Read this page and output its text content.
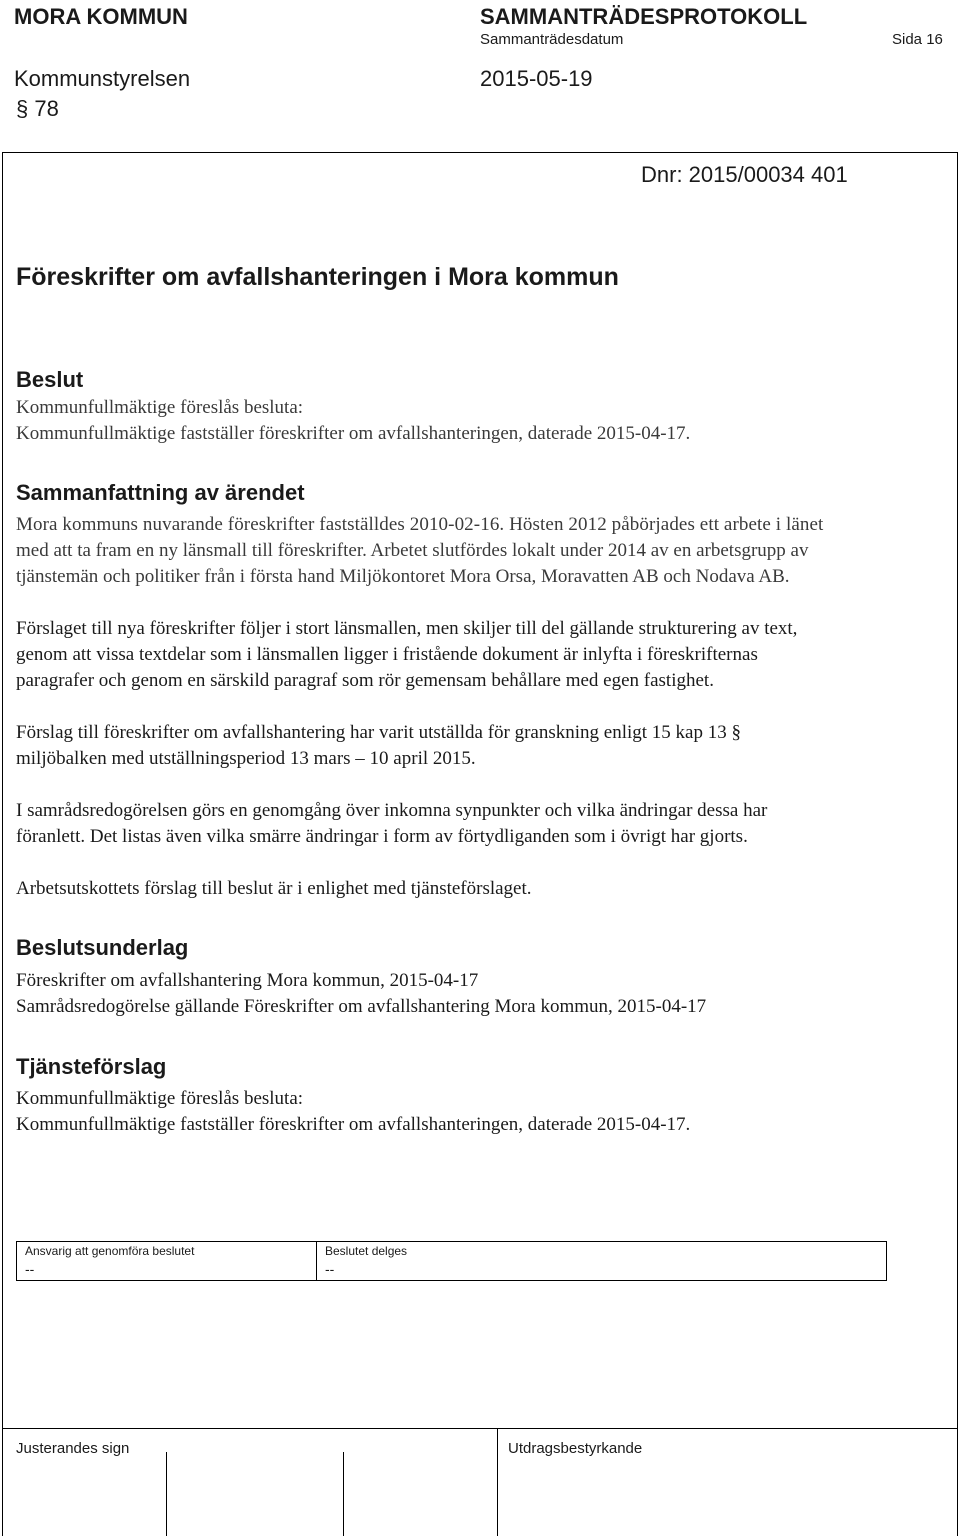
MORA KOMMUN	SAMMANTRÄDESPROTOKOLL
Sammanträdesdatum	Sida 16
Kommunstyrelsen	2015-05-19
§ 78
Dnr: 2015/00034 401
Föreskrifter om avfallshanteringen i Mora kommun
Beslut
Kommunfullmäktige föreslås besluta:
Kommunfullmäktige fastställer föreskrifter om avfallshanteringen, daterade 2015-04-17.
Sammanfattning av ärendet
Mora kommuns nuvarande föreskrifter fastställdes 2010-02-16. Hösten 2012 påbörjades ett arbete i länet
med att ta fram en ny länsmall till föreskrifter. Arbetet slutfördes lokalt under 2014 av en arbetsgrupp av
tjänstemän och politiker från i första hand Miljökontoret Mora Orsa, Moravatten AB och Nodava AB.
Förslaget till nya föreskrifter följer i stort länsmallen, men skiljer till del gällande strukturering av text,
genom att vissa textdelar som i länsmallen ligger i fristående dokument är inlyfta i föreskrifternas
paragrafer och genom en särskild paragraf som rör gemensam behållare med egen fastighet.
Förslag till föreskrifter om avfallshantering har varit utställda för granskning enligt 15 kap 13 §
miljöbalken med utställningsperiod 13 mars – 10 april 2015.
I samrådsredogörelsen görs en genomgång över inkomna synpunkter och vilka ändringar dessa har
föranlett. Det listas även vilka smärre ändringar i form av förtydliganden som i övrigt har gjorts.
Arbetsutskottets förslag till beslut är i enlighet med tjänsteförslaget.
Beslutsunderlag
Föreskrifter om avfallshantering Mora kommun, 2015-04-17
Samrådsredogörelse gällande Föreskrifter om avfallshantering Mora kommun, 2015-04-17
Tjänsteförslag
Kommunfullmäktige föreslås besluta:
Kommunfullmäktige fastställer föreskrifter om avfallshanteringen, daterade 2015-04-17.
Ansvarig att genomföra beslutet
--
Beslutet delges
--
Justerandes sign	Utdragsbestyrkande
